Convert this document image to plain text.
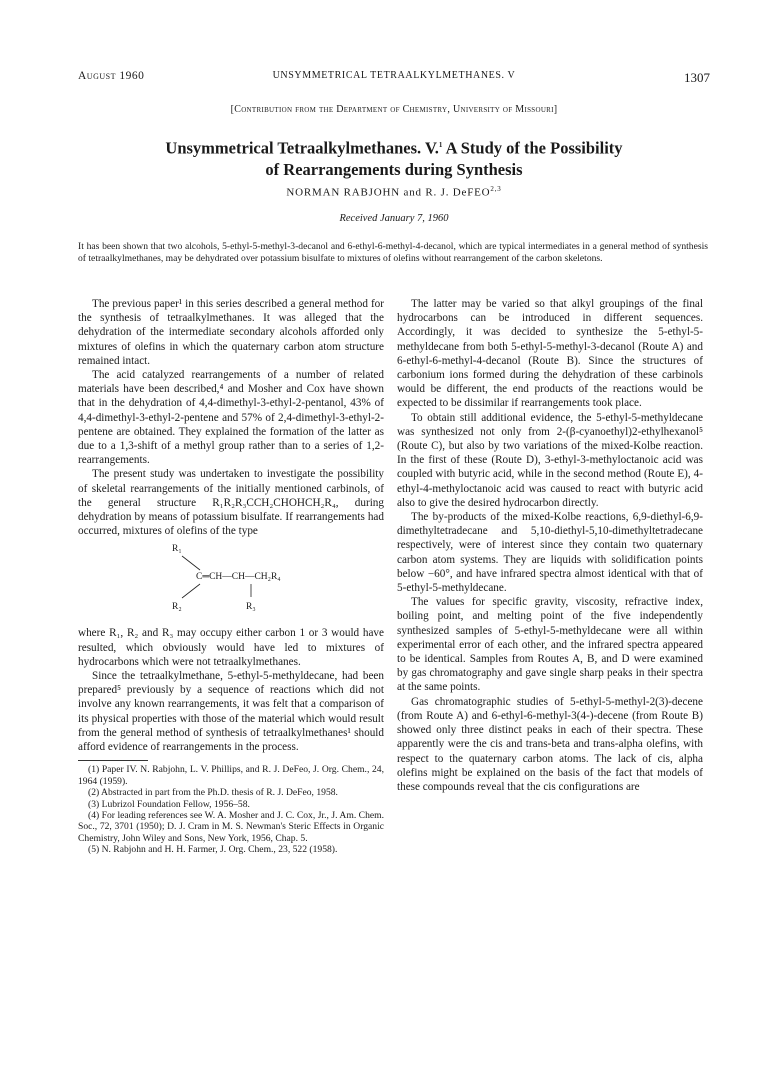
August 1960	UNSYMMETRICAL TETRAALKYLMETHANES. V	1307
[Contribution from the Department of Chemistry, University of Missouri]
Unsymmetrical Tetraalkylmethanes. V.$^1$ A Study of the Possibility
of Rearrangements during Synthesis
NORMAN RABJOHN and R. J. DeFEO$^{2,3}$
Received January 7, 1960
It has been shown that two alcohols, 5-ethyl-5-methyl-3-decanol and 6-ethyl-6-methyl-4-decanol, which are typical intermediates in a general method of synthesis of tetraalkylmethanes, may be dehydrated over potassium bisulfate to mixtures of olefins without rearrangement of the carbon skeletons.

The previous paper¹ in this series described a general method for the synthesis of tetraalkylmethanes. It was alleged that the dehydration of the intermediate secondary alcohols afforded only mixtures of olefins in which the quaternary carbon atom structure remained intact.

The acid catalyzed rearrangements of a number of related materials have been described,⁴ and Mosher and Cox have shown that in the dehydration of 4,4-dimethyl-3-ethyl-2-pentanol, 43% of 4,4-dimethyl-3-ethyl-2-pentene and 57% of 2,4-dimethyl-3-ethyl-2-pentene are obtained. They explained the formation of the latter as due to a 1,3-shift of a methyl group rather than to a series of 1,2-rearrangements.

The present study was undertaken to investigate the possibility of skeletal rearrangements of the initially mentioned carbinols, of the general structure R₁R₂R₃CCH₂CHOHCH₂R₄, during dehydration by means of potassium bisulfate. If rearrangements had occurred, mixtures of olefins of the type

R₁
C═CH—CH—CH₂R₄
R₂	R₃

where R₁, R₂ and R₃ may occupy either carbon 1 or 3 would have resulted, which obviously would have led to mixtures of hydrocarbons which were not tetraalkylmethanes.

Since the tetraalkylmethane, 5-ethyl-5-methyldecane, had been prepared⁵ previously by a sequence of reactions which did not involve any known rearrangements, it was felt that a comparison of its physical properties with those of the material which would result from the general method of synthesis of tetraalkylmethanes¹ should afford evidence of rearrangements in the process.

(1) Paper IV. N. Rabjohn, L. V. Phillips, and R. J. DeFeo, J. Org. Chem., 24, 1964 (1959).
(2) Abstracted in part from the Ph.D. thesis of R. J. DeFeo, 1958.
(3) Lubrizol Foundation Fellow, 1956–58.
(4) For leading references see W. A. Mosher and J. C. Cox, Jr., J. Am. Chem. Soc., 72, 3701 (1950); D. J. Cram in M. S. Newman's Steric Effects in Organic Chemistry, John Wiley and Sons, New York, 1956, Chap. 5.
(5) N. Rabjohn and H. H. Farmer, J. Org. Chem., 23, 522 (1958).

The latter may be varied so that alkyl groupings of the final hydrocarbons can be introduced in different sequences. Accordingly, it was decided to synthesize the 5-ethyl-5-methyldecane from both 5-ethyl-5-methyl-3-decanol (Route A) and 6-ethyl-6-methyl-4-decanol (Route B). Since the structures of carbonium ions formed during the dehydration of these carbinols would be different, the end products of the reactions would be expected to be dissimilar if rearrangements took place.

To obtain still additional evidence, the 5-ethyl-5-methyldecane was synthesized not only from 2-(β-cyanoethyl)2-ethylhexanol⁵ (Route C), but also by two variations of the mixed-Kolbe reaction. In the first of these (Route D), 3-ethyl-3-methyloctanoic acid was coupled with butyric acid, while in the second method (Route E), 4-ethyl-4-methyloctanoic acid was caused to react with butyric acid also to give the desired hydrocarbon directly.

The by-products of the mixed-Kolbe reactions, 6,9-diethyl-6,9-dimethyltetradecane and 5,10-diethyl-5,10-dimethyltetradecane respectively, were of interest since they contain two quaternary carbon atom systems. They are liquids with solidification points below −60°, and have infrared spectra almost identical with that of 5-ethyl-5-methyldecane.

The values for specific gravity, viscosity, refractive index, boiling point, and melting point of the five independently synthesized samples of 5-ethyl-5-methyldecane were all within experimental error of each other, and the infrared spectra appeared to be identical. Samples from Routes A, B, and D were examined by gas chromatography and gave single sharp peaks in their spectra at the same points.

Gas chromatographic studies of 5-ethyl-5-methyl-2(3)-decene (from Route A) and 6-ethyl-6-methyl-3(4-)-decene (from Route B) showed only three distinct peaks in each of their spectra. These apparently were the cis and trans-beta and trans-alpha olefins, with respect to the quaternary carbon atoms. The lack of cis, alpha olefins might be explained on the basis of the fact that models of these compounds reveal that the cis configurations are
